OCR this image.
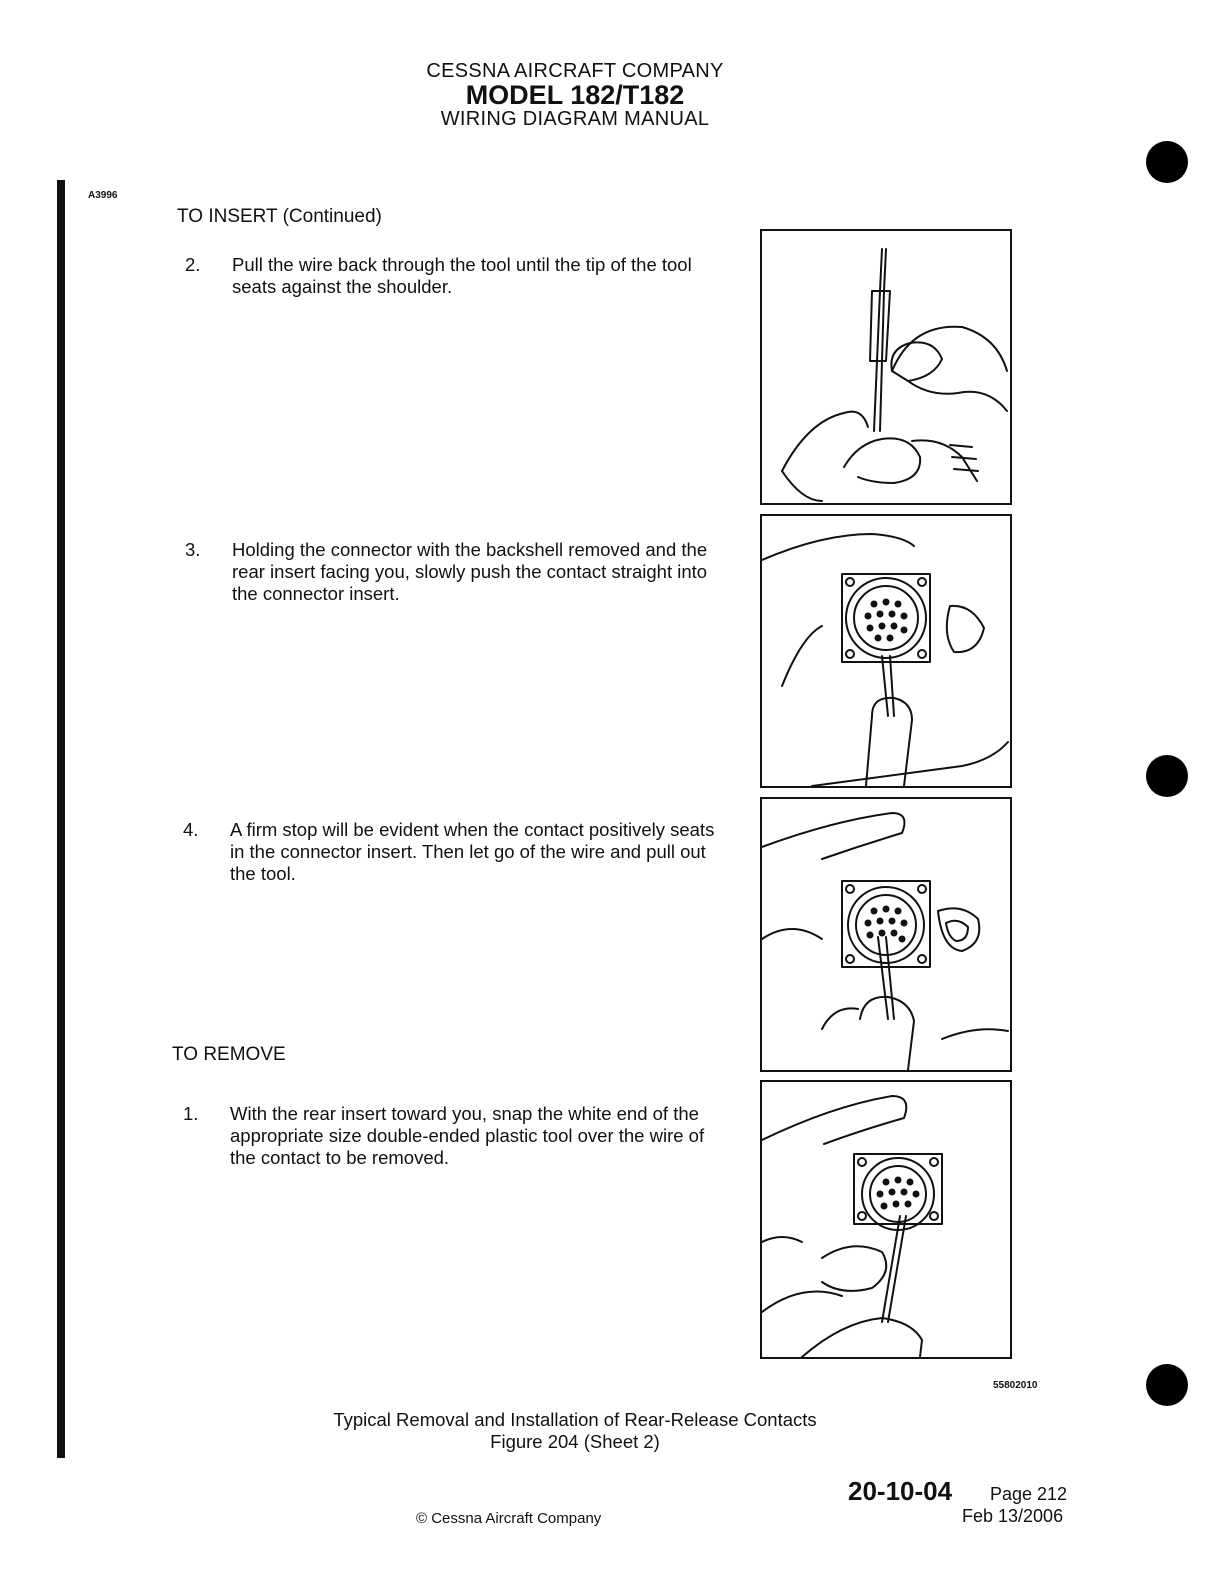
CESSNA AIRCRAFT COMPANY
MODEL 182/T182
WIRING DIAGRAM MANUAL
A3996
TO INSERT (Continued)
2. Pull the wire back through the tool until the tip of the tool seats against the shoulder.
3. Holding the connector with the backshell removed and the rear insert facing you, slowly push the contact straight into the connector insert.
4. A firm stop will be evident when the contact positively seats in the connector insert. Then let go of the wire and pull out the tool.
TO REMOVE
1. With the rear insert toward you, snap the white end of the appropriate size double-ended plastic tool over the wire of the contact to be removed.
55802010
Typical Removal and Installation of Rear-Release Contacts
Figure 204 (Sheet 2)
20-10-04 Page 212
Feb 13/2006
© Cessna Aircraft Company
